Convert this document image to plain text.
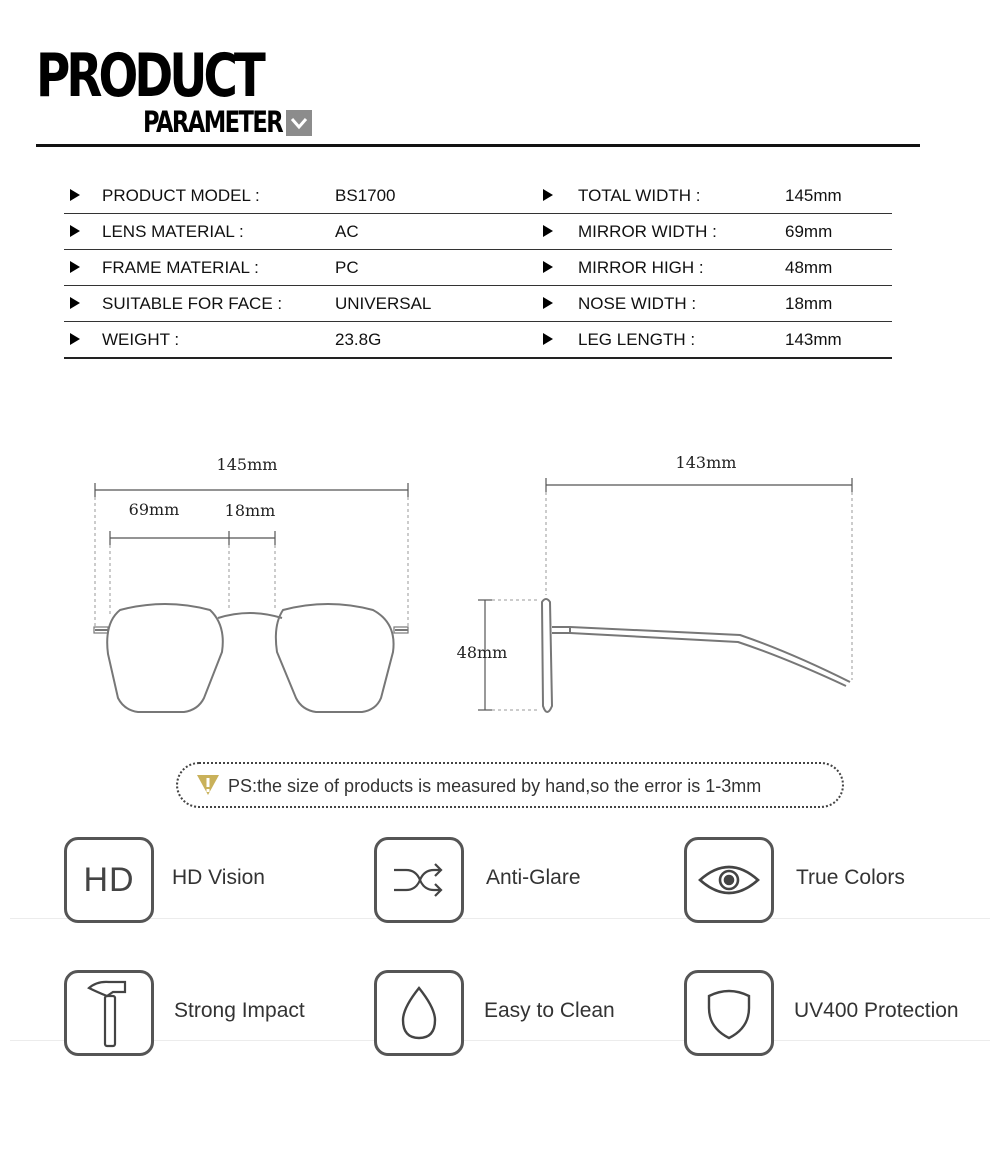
PRODUCT
PARAMETER
PRODUCT MODEL :	BS1700	TOTAL WIDTH :	145mm
LENS MATERIAL :	AC	MIRROR WIDTH :	69mm
FRAME MATERIAL :	PC	MIRROR HIGH :	48mm
SUITABLE FOR FACE :	UNIVERSAL	NOSE WIDTH :	18mm
WEIGHT :	23.8G	LEG LENGTH :	143mm
145mm
69mm	18mm
143mm
48mm
PS:the size of products is measured by hand,so the error is 1-3mm
HD HD Vision	Anti-Glare	True Colors
Strong Impact	Easy to Clean	UV400 Protection
